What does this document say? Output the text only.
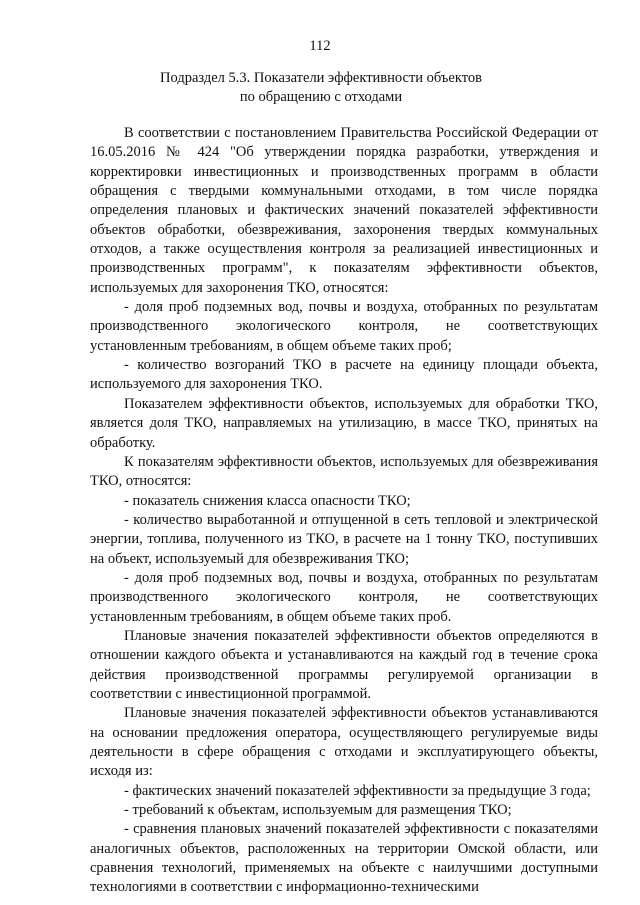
112
Подраздел 5.3. Показатели эффективности объектов
по обращению с отходами

В соответствии с постановлением Правительства Российской Федерации от 16.05.2016 № 424 "Об утверждении порядка разработки, утверждения и корректировки инвестиционных и производственных программ в области обращения с твердыми коммунальными отходами, в том числе порядка определения плановых и фактических значений показателей эффективности объектов обработки, обезвреживания, захоронения твердых коммунальных отходов, а также осуществления контроля за реализацией инвестиционных и производственных программ", к показателям эффективности объектов, используемых для захоронения ТКО, относятся:

- доля проб подземных вод, почвы и воздуха, отобранных по результатам производственного экологического контроля, не соответствующих установленным требованиям, в общем объеме таких проб;

- количество возгораний ТКО в расчете на единицу площади объекта, используемого для захоронения ТКО.

Показателем эффективности объектов, используемых для обработки ТКО, является доля ТКО, направляемых на утилизацию, в массе ТКО, принятых на обработку.

К показателям эффективности объектов, используемых для обезвреживания ТКО, относятся:

- показатель снижения класса опасности ТКО;

- количество выработанной и отпущенной в сеть тепловой и электрической энергии, топлива, полученного из ТКО, в расчете на 1 тонну ТКО, поступивших на объект, используемый для обезвреживания ТКО;

- доля проб подземных вод, почвы и воздуха, отобранных по результатам производственного экологического контроля, не соответствующих установленным требованиям, в общем объеме таких проб.

Плановые значения показателей эффективности объектов определяются в отношении каждого объекта и устанавливаются на каждый год в течение срока действия производственной программы регулируемой организации в соответствии с инвестиционной программой.

Плановые значения показателей эффективности объектов устанавливаются на основании предложения оператора, осуществляющего регулируемые виды деятельности в сфере обращения с отходами и эксплуатирующего объекты, исходя из:

- фактических значений показателей эффективности за предыдущие 3 года;

- требований к объектам, используемым для размещения ТКО;

- сравнения плановых значений показателей эффективности с показателями аналогичных объектов, расположенных на территории Омской области, или сравнения технологий, применяемых на объекте с наилучшими доступными технологиями в соответствии с информационно-техническими
